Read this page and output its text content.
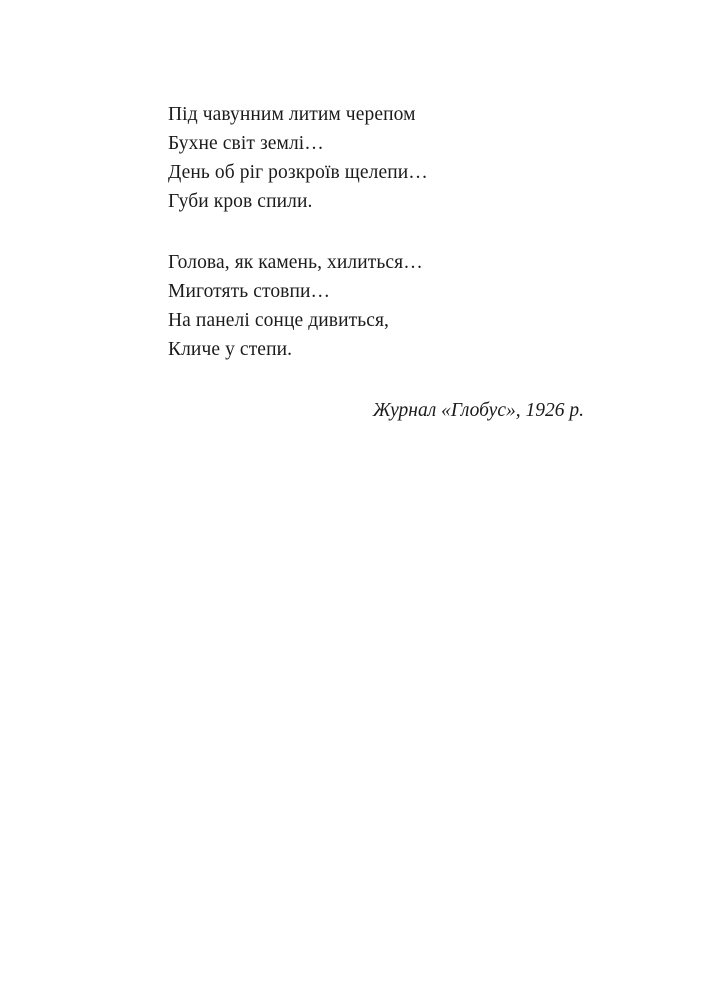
Під чавунним литим черепом
Бухне світ землі…
День об ріг розкроїв щелепи…
Губи кров спили.
Голова, як камень, хилиться…
Миготять стовпи…
На панелі сонце дивиться,
Кличе у степи.
Журнал «Глобус», 1926 р.
